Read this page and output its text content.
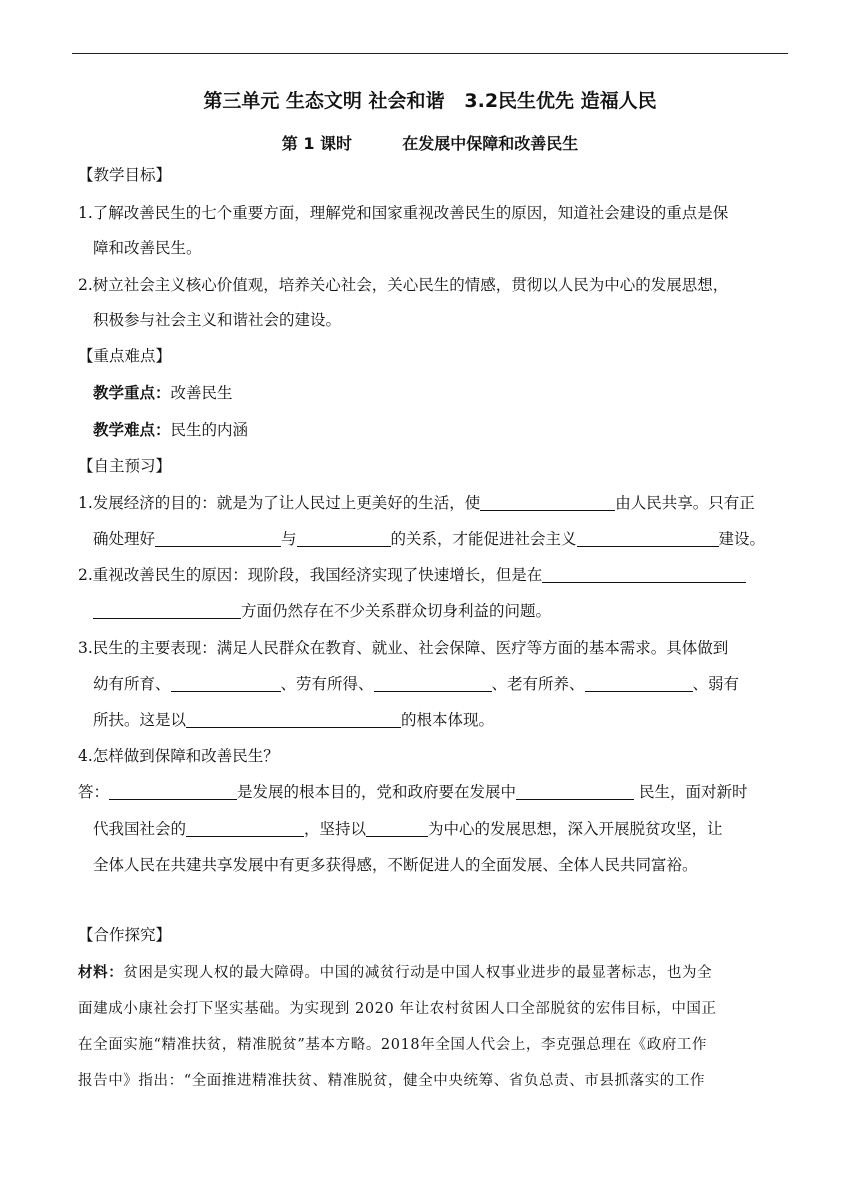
第三单元 生态文明 社会和谐   3.2民生优先 造福人民
第 1 课时         在发展中保障和改善民生
【教学目标】
1.了解改善民生的七个重要方面，理解党和国家重视改善民生的原因，知道社会建设的重点是保
障和改善民生。
2.树立社会主义核心价值观，培养关心社会，关心民生的情感，贯彻以人民为中心的发展思想，
积极参与社会主义和谐社会的建设。
【重点难点】
教学重点：改善民生
教学难点：民生的内涵
【自主预习】
1.发展经济的目的：就是为了让人民过上更美好的生活，使	由人民共享。只有正
确处理好	与	的关系，才能促进社会主义	建设。
2.重视改善民生的原因：现阶段，我国经济实现了快速增长，但是在
方面仍然存在不少关系群众切身利益的问题。
3.民生的主要表现：满足人民群众在教育、就业、社会保障、医疗等方面的基本需求。具体做到
幼有所育、	、劳有所得、	、老有所养、	、弱有
所扶。这是以	的根本体现。
4.怎样做到保障和改善民生？
答：	是发展的根本目的，党和政府要在发展中	民生，面对新时
代我国社会的	，坚持以	为中心的发展思想，深入开展脱贫攻坚，让
全体人民在共建共享发展中有更多获得感，不断促进人的全面发展、全体人民共同富裕。
【合作探究】
材料：贫困是实现人权的最大障碍。中国的减贫行动是中国人权事业进步的最显著标志，也为全
面建成小康社会打下坚实基础。为实现到 2020 年让农村贫困人口全部脱贫的宏伟目标，中国正
在全面实施“精准扶贫，精准脱贫”基本方略。2018年全国人代会上，李克强总理在《政府工作
报告中》指出：“全面推进精准扶贫、精准脱贫，健全中央统筹、省负总责、市县抓落实的工作
